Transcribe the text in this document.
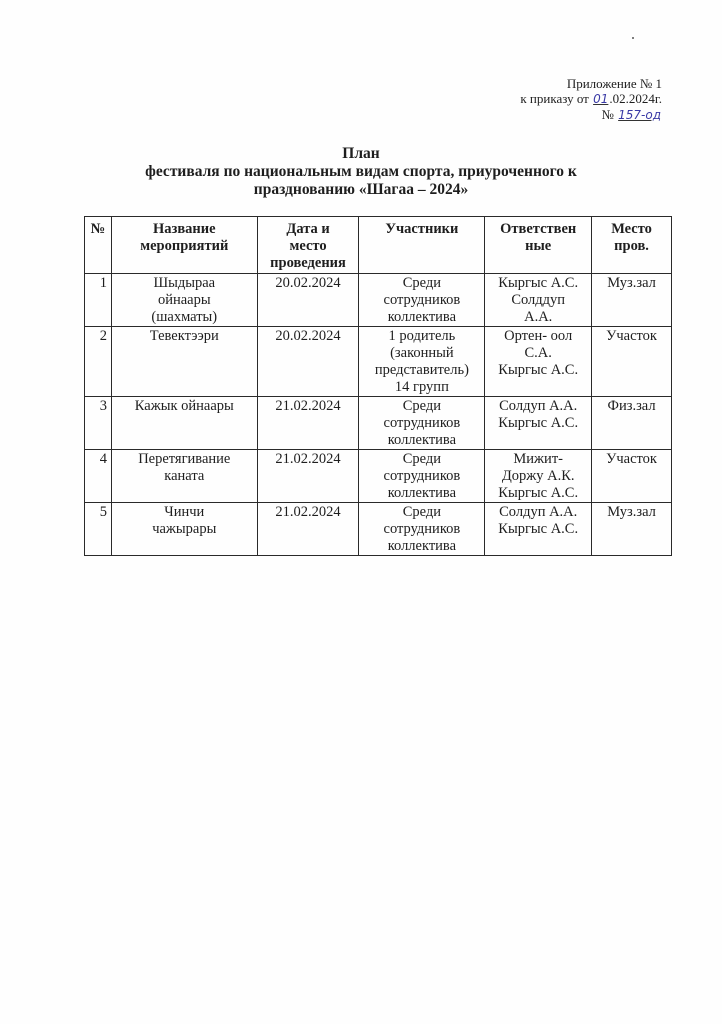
Приложение № 1
к приказу от 01.02.2024г.
№ 157-од
План
фестиваля по национальным видам спорта, приуроченного к
празднованию «Шагаа – 2024»
№	Название
мероприятий	Дата и
место
проведения	Участники	Ответствен
ные	Место
пров.

1	Шыдыраа
ойнаары
(шахматы)	20.02.2024	Среди
сотрудников
коллектива	Кыргыс А.С.
Солддуп
А.А.	Муз.зал

2	Тевектээри	20.02.2024	1 родитель
(законный
представитель)
14 групп	Ортен- оол
С.А.
Кыргыс А.С.	Участок

3	Кажык ойнаары	21.02.2024	Среди
сотрудников
коллектива	Солдуп А.А.
Кыргыс А.С.	Физ.зал

4	Перетягивание
каната	21.02.2024	Среди
сотрудников
коллектива	Мижит-
Доржу А.К.
Кыргыс А.С.	Участок

5	Чинчи
чажырары	21.02.2024	Среди
сотрудников
коллектива	Солдуп А.А.
Кыргыс А.С.	Муз.зал
